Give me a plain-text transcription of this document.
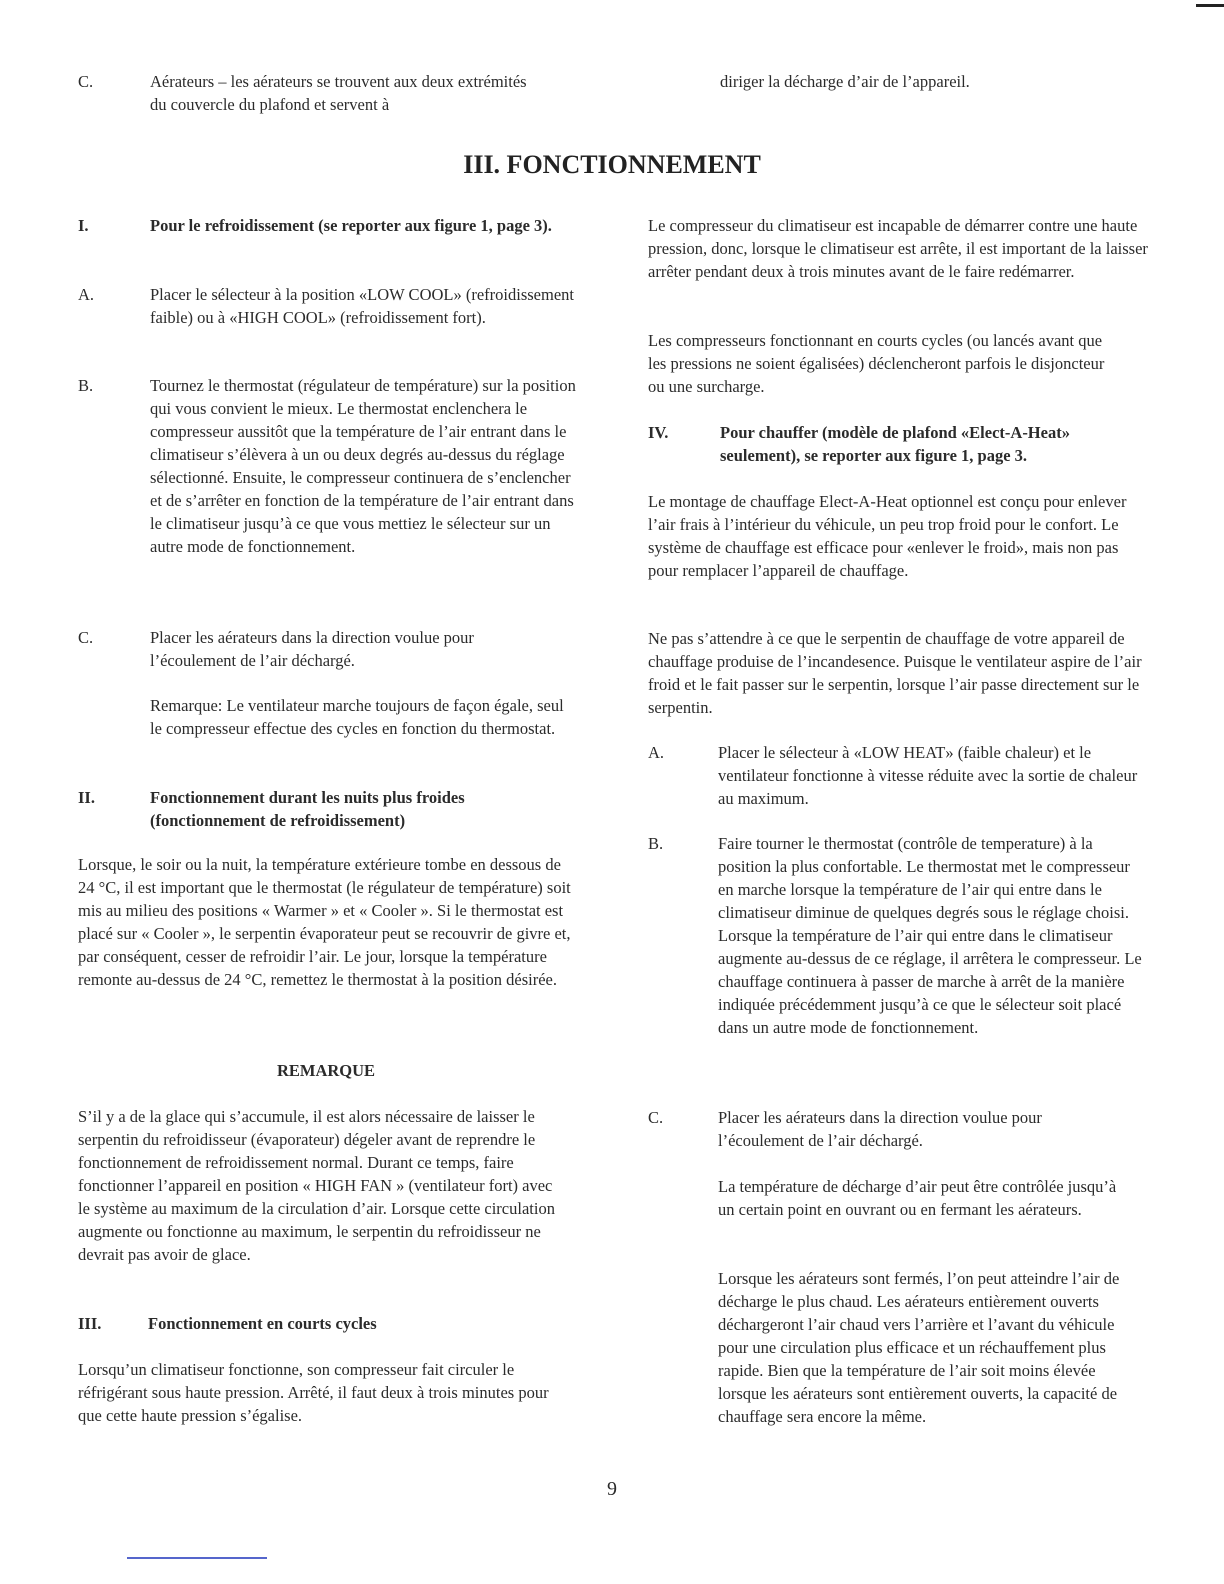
C.	Aérateurs – les aérateurs se trouvent aux deux extrémités du couvercle du plafond et servent à

diriger la décharge d’air de l’appareil.

III. FONCTIONNEMENT
I.	Pour le refroidissement (se reporter aux figure 1, page 3).

A.	Placer le sélecteur à la position «LOW COOL» (refroidissement faible) ou à «HIGH COOL» (refroidissement fort).

B.	Tournez le thermostat (régulateur de température) sur la position qui vous convient le mieux. Le thermostat enclenchera le compresseur aussitôt que la température de l’air entrant dans le climatiseur s’élèvera à un ou deux degrés au-dessus du réglage sélectionné. Ensuite, le compresseur continuera de s’enclencher et de s’arrêter en fonction de la température de l’air entrant dans le climatiseur jusqu’à ce que vous mettiez le sélecteur sur un autre mode de fonctionnement.

C.	Placer les aérateurs dans la direction voulue pour l’écoulement de l’air déchargé.

Remarque: Le ventilateur marche toujours de façon égale, seul le compresseur effectue des cycles en fonction du thermostat.

II.	Fonctionnement durant les nuits plus froides (fonctionnement de refroidissement)

Lorsque, le soir ou la nuit, la température extérieure tombe en dessous de 24 °C, il est important que le thermostat (le régulateur de température) soit mis au milieu des positions « Warmer » et « Cooler ». Si le thermostat est placé sur « Cooler », le serpentin évaporateur peut se recouvrir de givre et, par conséquent, cesser de refroidir l’air. Le jour, lorsque la température remonte au-dessus de 24 °C, remettez le thermostat à la position désirée.

REMARQUE

S’il y a de la glace qui s’accumule, il est alors nécessaire de laisser le serpentin du refroidisseur (évaporateur) dégeler avant de reprendre le fonctionnement de refroidissement normal. Durant ce temps, faire fonctionner l’appareil en position « HIGH FAN » (ventilateur fort) avec le système au maximum de la circulation d’air. Lorsque cette circulation augmente ou fonctionne au maximum, le serpentin du refroidisseur ne devrait pas avoir de glace.

III.	Fonctionnement en courts cycles

Lorsqu’un climatiseur fonctionne, son compresseur fait circuler le réfrigérant sous haute pression. Arrêté, il faut deux à trois minutes pour que cette haute pression s’égalise.

Le compresseur du climatiseur est incapable de démarrer contre une haute pression, donc, lorsque le climatiseur est arrête, il est important de la laisser arrêter pendant deux à trois minutes avant de le faire redémarrer.

Les compresseurs fonctionnant en courts cycles (ou lancés avant que les pressions ne soient égalisées) déclencheront parfois le disjoncteur ou une surcharge.

IV.	Pour chauffer (modèle de plafond «Elect-A-Heat» seulement), se reporter aux figure 1, page 3.

Le montage de chauffage Elect-A-Heat optionnel est conçu pour enlever l’air frais à l’intérieur du véhicule, un peu trop froid pour le confort. Le système de chauffage est efficace pour «enlever le froid», mais non pas pour remplacer l’appareil de chauffage.

Ne pas s’attendre à ce que le serpentin de chauffage de votre appareil de chauffage produise de l’incandesence. Puisque le ventilateur aspire de l’air froid et le fait passer sur le serpentin, lorsque l’air passe directement sur le serpentin.

A.	Placer le sélecteur à «LOW HEAT» (faible chaleur) et le ventilateur fonctionne à vitesse réduite avec la sortie de chaleur au maximum.

B.	Faire tourner le thermostat (contrôle de temperature) à la position la plus confortable. Le thermostat met le compresseur en marche lorsque la température de l’air qui entre dans le climatiseur diminue de quelques degrés sous le réglage choisi. Lorsque la température de l’air qui entre dans le climatiseur augmente au-dessus de ce réglage, il arrêtera le compresseur. Le chauffage continuera à passer de marche à arrêt de la manière indiquée précédemment jusqu’à ce que le sélecteur soit placé dans un autre mode de fonctionnement.

C.	Placer les aérateurs dans la direction voulue pour l’écoulement de l’air déchargé.

La température de décharge d’air peut être contrôlée jusqu’à un certain point en ouvrant ou en fermant les aérateurs.

Lorsque les aérateurs sont fermés, l’on peut atteindre l’air de décharge le plus chaud. Les aérateurs entièrement ouverts déchargeront l’air chaud vers l’arrière et l’avant du véhicule pour une circulation plus efficace et un réchauffement plus rapide. Bien que la température de l’air soit moins élevée lorsque les aérateurs sont entièrement ouverts, la capacité de chauffage sera encore la même.

9
